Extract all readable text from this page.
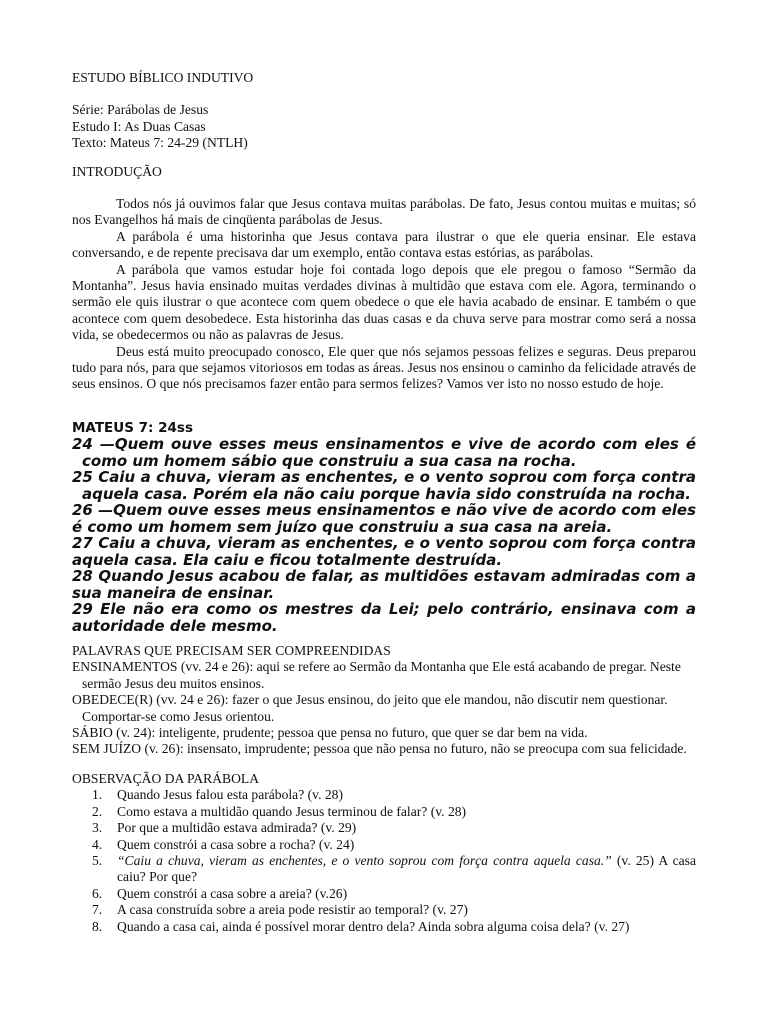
ESTUDO BÍBLICO INDUTIVO

Série: Parábolas de Jesus

Estudo I: As Duas Casas

Texto: Mateus 7: 24-29 (NTLH)

INTRODUÇÃO

Todos nós já ouvimos falar que Jesus contava muitas parábolas. De fato, Jesus contou muitas e muitas; só nos Evangelhos há mais de cinqüenta parábolas de Jesus.

A parábola é uma historinha que Jesus contava para ilustrar o que ele queria ensinar. Ele estava conversando, e de repente precisava dar um exemplo, então contava estas estórias, as parábolas.

A parábola que vamos estudar hoje foi contada logo depois que ele pregou o famoso “Sermão da Montanha”. Jesus havia ensinado muitas verdades divinas à multidão que estava com ele. Agora, terminando o sermão ele quis ilustrar o que acontece com quem obedece o que ele havia acabado de ensinar. E também o que acontece com quem desobedece. Esta historinha das duas casas e da chuva serve para mostrar como será a nossa vida, se obedecermos ou não as palavras de Jesus.

Deus está muito preocupado conosco, Ele quer que nós sejamos pessoas felizes e seguras. Deus preparou tudo para nós, para que sejamos vitoriosos em todas as áreas. Jesus nos ensinou o caminho da felicidade através de seus ensinos. O que nós precisamos fazer então para sermos felizes? Vamos ver isto no nosso estudo de hoje.

MATEUS 7: 24ss

24 —Quem ouve esses meus ensinamentos e vive de acordo com eles é como um homem sábio que construiu a sua casa na rocha.

25 Caiu a chuva, vieram as enchentes, e o vento soprou com força contra aquela casa. Porém ela não caiu porque havia sido construída na rocha.

26 —Quem ouve esses meus ensinamentos e não vive de acordo com eles é como um homem sem juízo que construiu a sua casa na areia.

27 Caiu a chuva, vieram as enchentes, e o vento soprou com força contra aquela casa. Ela caiu e ficou totalmente destruída.

28 Quando Jesus acabou de falar, as multidões estavam admiradas com a sua maneira de ensinar.

29 Ele não era como os mestres da Lei; pelo contrário, ensinava com a autoridade dele mesmo.

PALAVRAS QUE PRECISAM SER COMPREENDIDAS

ENSINAMENTOS (vv. 24 e 26): aqui se refere ao Sermão da Montanha que Ele está acabando de pregar. Neste sermão Jesus deu muitos ensinos.

OBEDECE(R) (vv. 24 e 26): fazer o que Jesus ensinou, do jeito que ele mandou, não discutir nem questionar. Comportar-se como Jesus orientou.

SÁBIO (v. 24): inteligente, prudente; pessoa que pensa no futuro, que quer se dar bem na vida.

SEM JUÍZO (v. 26): insensato, imprudente; pessoa que não pensa no futuro, não se preocupa com sua felicidade.

OBSERVAÇÃO DA PARÁBOLA

1. Quando Jesus falou esta parábola? (v. 28)
2. Como estava a multidão quando Jesus terminou de falar? (v. 28)
3. Por que a multidão estava admirada? (v. 29)
4. Quem constrói a casa sobre a rocha? (v. 24)
5. “Caiu a chuva, vieram as enchentes, e o vento soprou com força contra aquela casa.” (v. 25) A casa caiu? Por que?
6. Quem constrói a casa sobre a areia? (v.26)
7. A casa construída sobre a areia pode resistir ao temporal? (v. 27)
8. Quando a casa cai, ainda é possível morar dentro dela? Ainda sobra alguma coisa dela? (v. 27)
